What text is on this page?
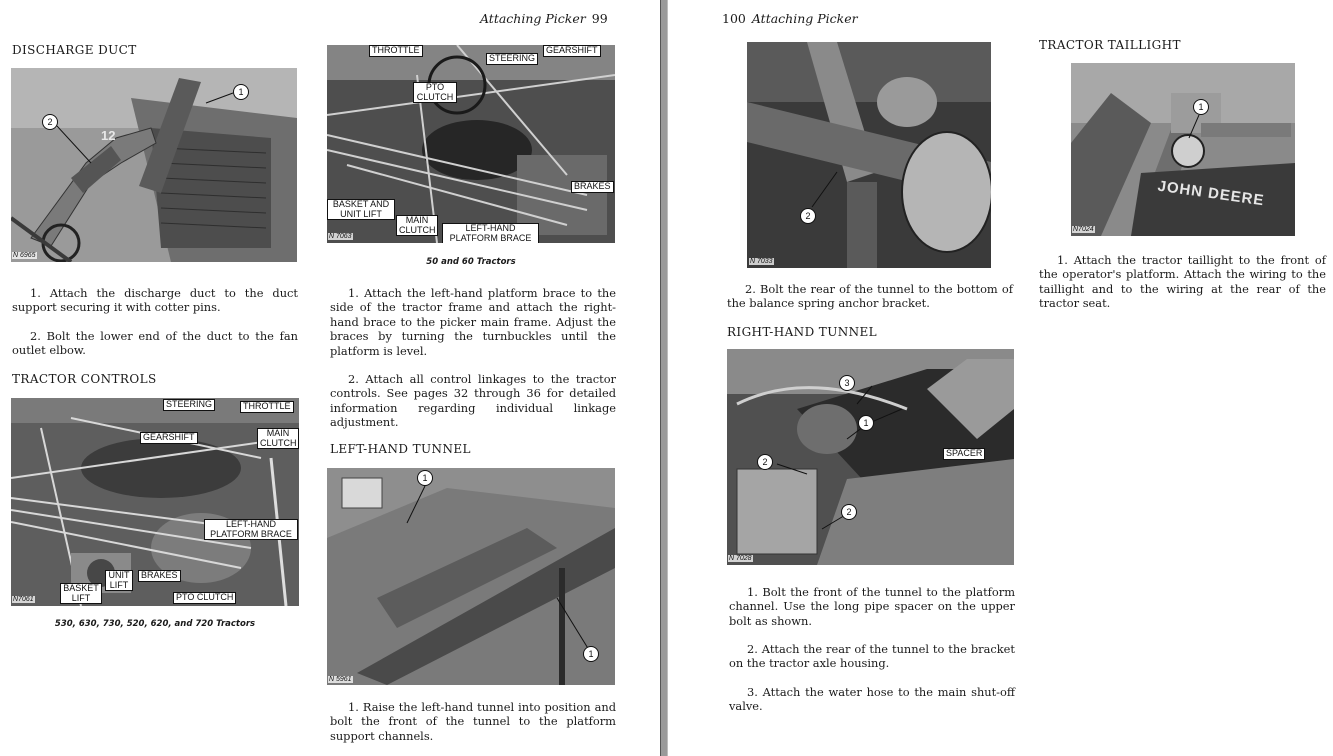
Attaching Picker 99
DISCHARGE DUCT
12
1
2
N 6965
1. Attach the discharge duct to the duct support securing it with cotter pins.
2. Bolt the lower end of the duct to the fan outlet elbow.
TRACTOR CONTROLS
STEERING	THROTTLE
GEARSHIFT	MAIN CLUTCH
LEFT-HAND PLATFORM BRACE
UNIT LIFT
BRAKES
BASKET LIFT	PTO CLUTCH
N7061
530, 630, 730, 520, 620, and 720 Tractors
THROTTLE
STEERING
GEARSHIFT
PTO CLUTCH
BRAKES
BASKET AND UNIT LIFT
MAIN CLUTCH	LEFT-HAND PLATFORM BRACE
N 7063
50 and 60 Tractors
1. Attach the left-hand platform brace to the side of the tractor frame and attach the right-hand brace to the picker main frame. Adjust the braces by turning the turnbuckles until the platform is level.
2. Attach all control linkages to the tractor controls. See pages 32 through 36 for detailed information regarding individual linkage adjustment.
LEFT-HAND TUNNEL
1
1
N 5961
1. Raise the left-hand tunnel into position and bolt the front of the tunnel to the platform support channels.
100 Attaching Picker
2
N 7033
2. Bolt the rear of the tunnel to the bottom of the balance spring anchor bracket.
RIGHT-HAND TUNNEL
3
1
2
2
SPACER
N 7028
1. Bolt the front of the tunnel to the platform channel. Use the long pipe spacer on the upper bolt as shown.
2. Attach the rear of the tunnel to the bracket on the tractor axle housing.
3. Attach the water hose to the main shut-off valve.
TRACTOR TAILLIGHT
1
JOHN DEERE
N7024
1. Attach the tractor taillight to the front of the operator's platform. Attach the wiring to the taillight and to the wiring at the rear of the tractor seat.
